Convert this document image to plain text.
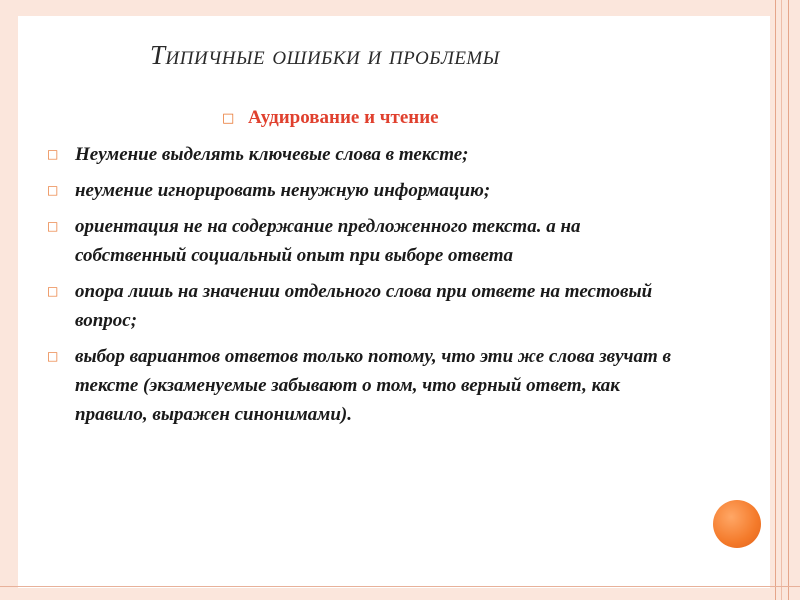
Типичные ошибки и проблемы
□ Аудирование и чтение
□ Неумение выделять ключевые слова в тексте;
□ неумение игнорировать ненужную информацию;
□ ориентация не на содержание предложенного текста. а на собственный социальный опыт при выборе ответа
□ опора лишь на значении отдельного слова при ответе на тестовый вопрос;
□ выбор вариантов ответов только потому, что эти же слова звучат в тексте (экзаменуемые забывают о том, что верный ответ, как правило, выражен синонимами).
